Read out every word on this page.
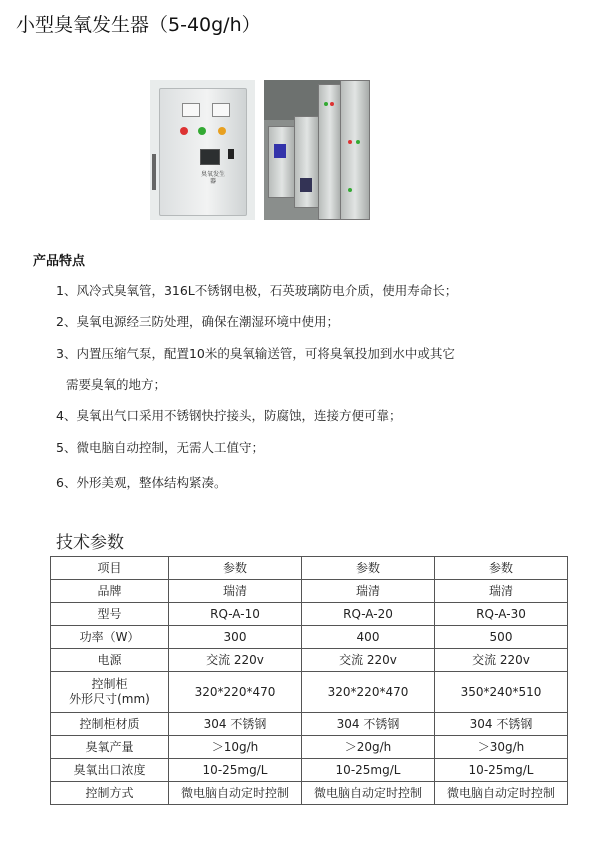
小型臭氧发生器（5-40g/h）
臭氧发生器
产品特点
1、风冷式臭氧管，316L不锈钢电极，石英玻璃防电介质，使用寿命长；
2、臭氧电源经三防处理，确保在潮湿环境中使用；
3、内置压缩气泵，配置10米的臭氧输送管，可将臭氧投加到水中或其它
需要臭氧的地方；
4、臭氧出气口采用不锈钢快拧接头，防腐蚀，连接方便可靠；
5、微电脑自动控制，无需人工值守；
6、外形美观，整体结构紧凑。
技术参数
项目	参数	参数	参数
品牌	瑞清	瑞清	瑞清
型号	RQ-A-10	RQ-A-20	RQ-A-30
功率（W）	300	400	500
电源	交流 220v	交流 220v	交流 220v

控制柜
外形尺寸(mm)	320*220*470	320*220*470	350*240*510
控制柜材质	304 不锈钢	304 不锈钢	304 不锈钢
臭氧产量	＞10g/h	＞20g/h	＞30g/h
臭氧出口浓度	10-25mg/L	10-25mg/L	10-25mg/L
控制方式	微电脑自动定时控制	微电脑自动定时控制	微电脑自动定时控制
